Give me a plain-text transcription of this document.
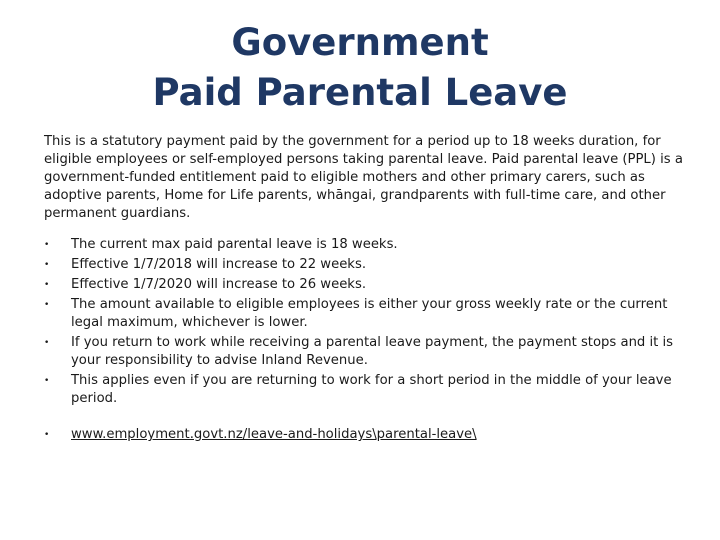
Government
Paid Parental Leave

This is a statutory payment paid by the government for a period up to 18 weeks duration, for eligible employees or self-employed persons taking parental leave. Paid parental leave (PPL) is a government-funded entitlement paid to eligible mothers and other primary carers, such as adoptive parents, Home for Life parents, whāngai, grandparents with full-time care, and other permanent guardians.

• The current max paid parental leave is 18 weeks.
• Effective 1/7/2018 will increase to 22 weeks.
• Effective 1/7/2020 will increase to 26 weeks.
• The amount available to eligible employees is either your gross weekly rate or the current legal maximum, whichever is lower.
• If you return to work while receiving a parental leave payment, the payment stops and it is your responsibility to advise Inland Revenue.
• This applies even if you are returning to work for a short period in the middle of your leave period.
• www.employment.govt.nz/leave-and-holidays\parental-leave\
